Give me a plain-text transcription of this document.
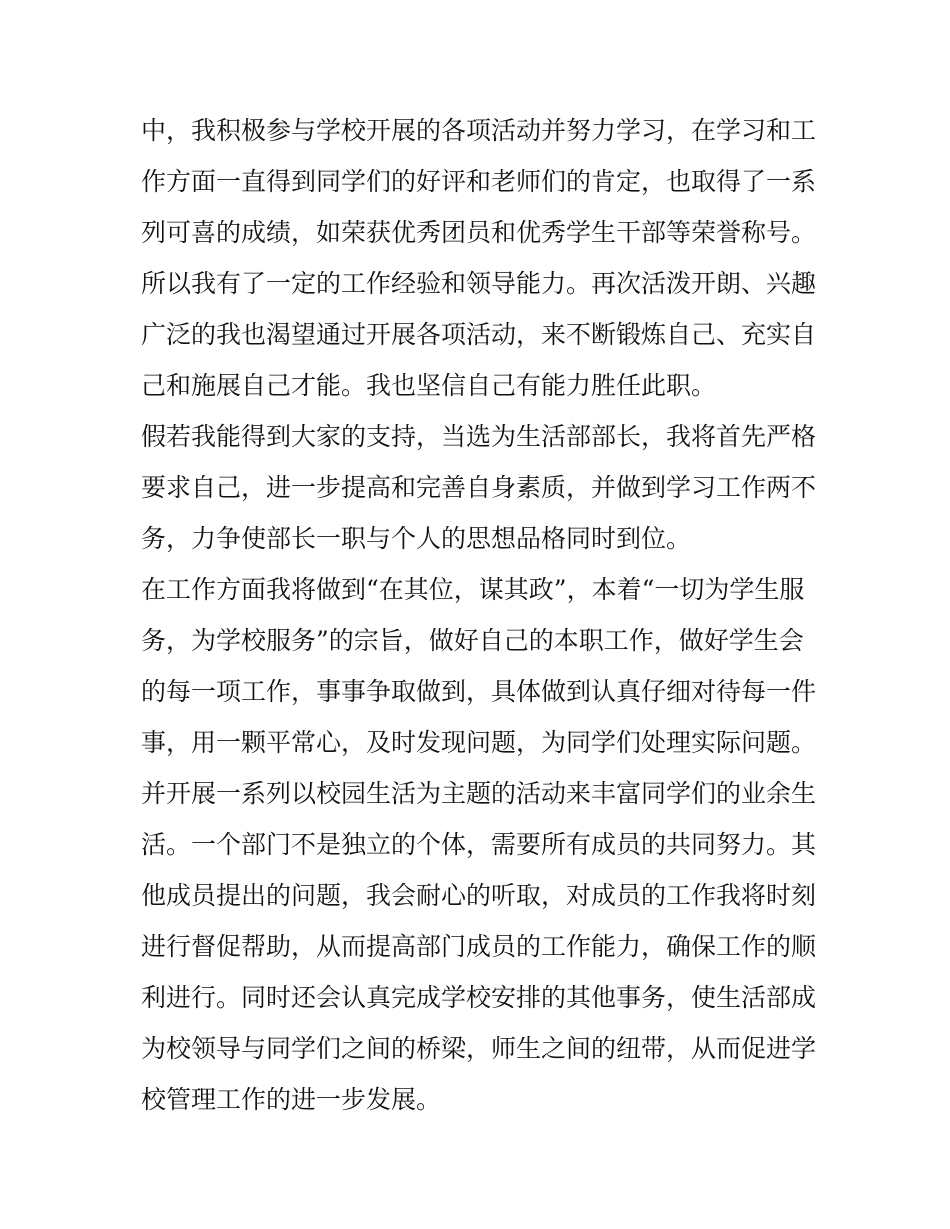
中，我积极参与学校开展的各项活动并努力学习，在学习和工
作方面一直得到同学们的好评和老师们的肯定，也取得了一系
列可喜的成绩，如荣获优秀团员和优秀学生干部等荣誉称号。
所以我有了一定的工作经验和领导能力。再次活泼开朗、兴趣
广泛的我也渴望通过开展各项活动，来不断锻炼自己、充实自
己和施展自己才能。我也坚信自己有能力胜任此职。
假若我能得到大家的支持，当选为生活部部长，我将首先严格
要求自己，进一步提高和完善自身素质，并做到学习工作两不
务，力争使部长一职与个人的思想品格同时到位。
在工作方面我将做到“在其位，谋其政”，本着“一切为学生服
务，为学校服务”的宗旨，做好自己的本职工作，做好学生会
的每一项工作，事事争取做到，具体做到认真仔细对待每一件
事，用一颗平常心，及时发现问题，为同学们处理实际问题。
并开展一系列以校园生活为主题的活动来丰富同学们的业余生
活。一个部门不是独立的个体，需要所有成员的共同努力。其
他成员提出的问题，我会耐心的听取，对成员的工作我将时刻
进行督促帮助，从而提高部门成员的工作能力，确保工作的顺
利进行。同时还会认真完成学校安排的其他事务，使生活部成
为校领导与同学们之间的桥梁，师生之间的纽带，从而促进学
校管理工作的进一步发展。
